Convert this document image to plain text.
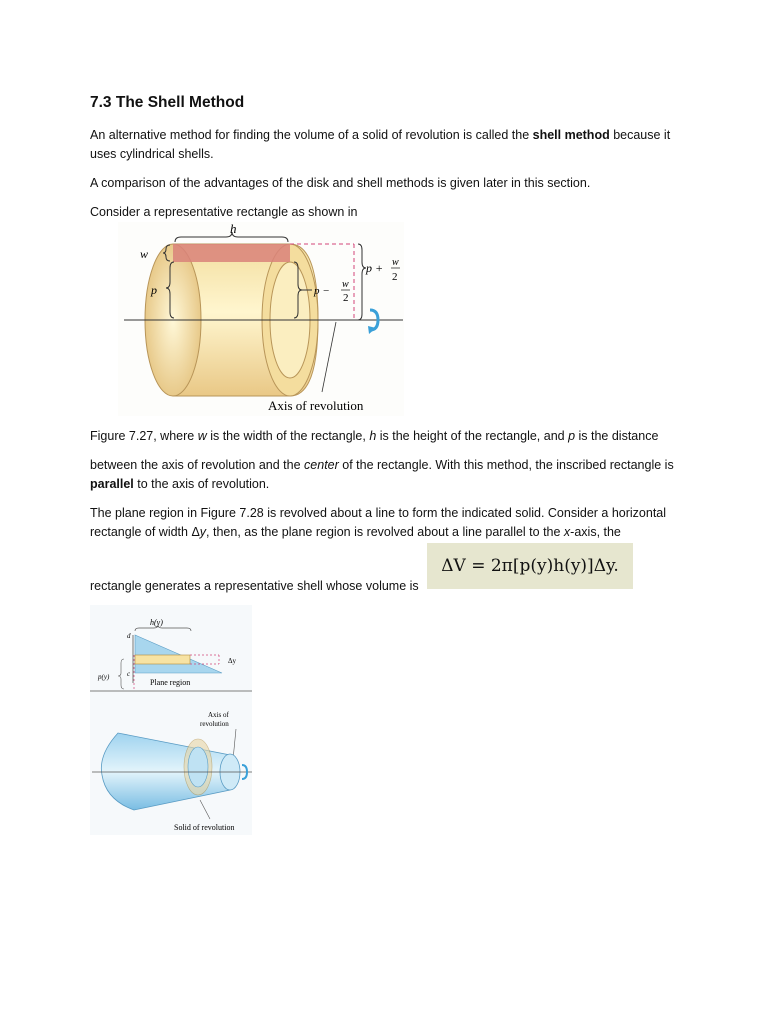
7.3 The Shell Method

An alternative method for finding the volume of a solid of revolution is called the shell method because it uses cylindrical shells.

A comparison of the advantages of the disk and shell methods is given later in this section.

Consider a representative rectangle as shown in

h
w
p	p −
w
2
p + w
2
Axis of revolution

Figure 7.27, where w is the width of the rectangle, h is the height of the rectangle, and p is the distance

between the axis of revolution and the center of the rectangle. With this method, the inscribed rectangle is parallel to the axis of revolution.

The plane region in Figure 7.28 is revolved about a line to form the indicated solid. Consider a horizontal rectangle of width Δy, then, as the plane region is revolved about a line parallel to the x-axis, the

ΔV = 2π[p(y)h(y)]Δy.

rectangle generates a representative shell whose volume is

h(y)
d
Δy
c
p(y)
Plane region
Axis of
revolution
Solid of revolution
